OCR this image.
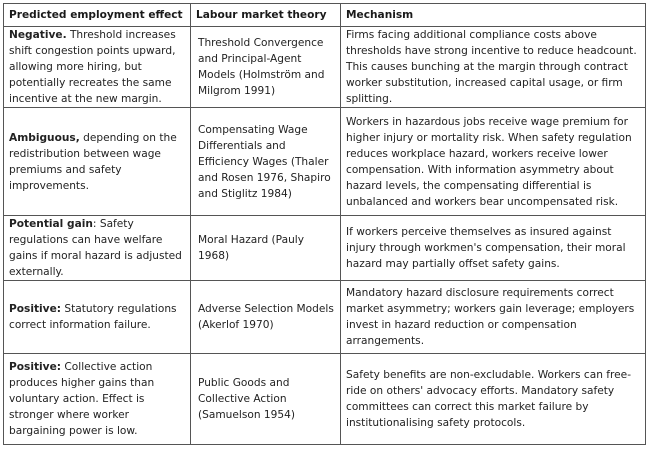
Predicted employment effect	Labour market theory	Mechanism
Negative. Threshold increases shift congestion points upward, allowing more hiring, but potentially recreates the same incentive at the new margin.	Threshold Convergence and Principal-Agent Models (Holmström and Milgrom 1991)	Firms facing additional compliance costs above thresholds have strong incentive to reduce headcount. This causes bunching at the margin through contract worker substitution, increased capital usage, or firm splitting.
Ambiguous, depending on the redistribution between wage premiums and safety improvements.	Compensating Wage Differentials and Efficiency Wages (Thaler and Rosen 1976, Shapiro and Stiglitz 1984)	Workers in hazardous jobs receive wage premium for higher injury or mortality risk. When safety regulation reduces workplace hazard, workers receive lower compensation. With information asymmetry about hazard levels, the compensating differential is unbalanced and workers bear uncompensated risk.
Potential gain: Safety regulations can have welfare gains if moral hazard is adjusted externally.	Moral Hazard (Pauly 1968)	If workers perceive themselves as insured against injury through workmen's compensation, their moral hazard may partially offset safety gains.
Positive: Statutory regulations correct information failure.	Adverse Selection Models (Akerlof 1970)	Mandatory hazard disclosure requirements correct market asymmetry; workers gain leverage; employers invest in hazard reduction or compensation arrangements.
Positive: Collective action produces higher gains than voluntary action. Effect is stronger where worker bargaining power is low.	Public Goods and Collective Action (Samuelson 1954)	Safety benefits are non-excludable. Workers can free-ride on others' advocacy efforts. Mandatory safety committees can correct this market failure by institutionalising safety protocols.
